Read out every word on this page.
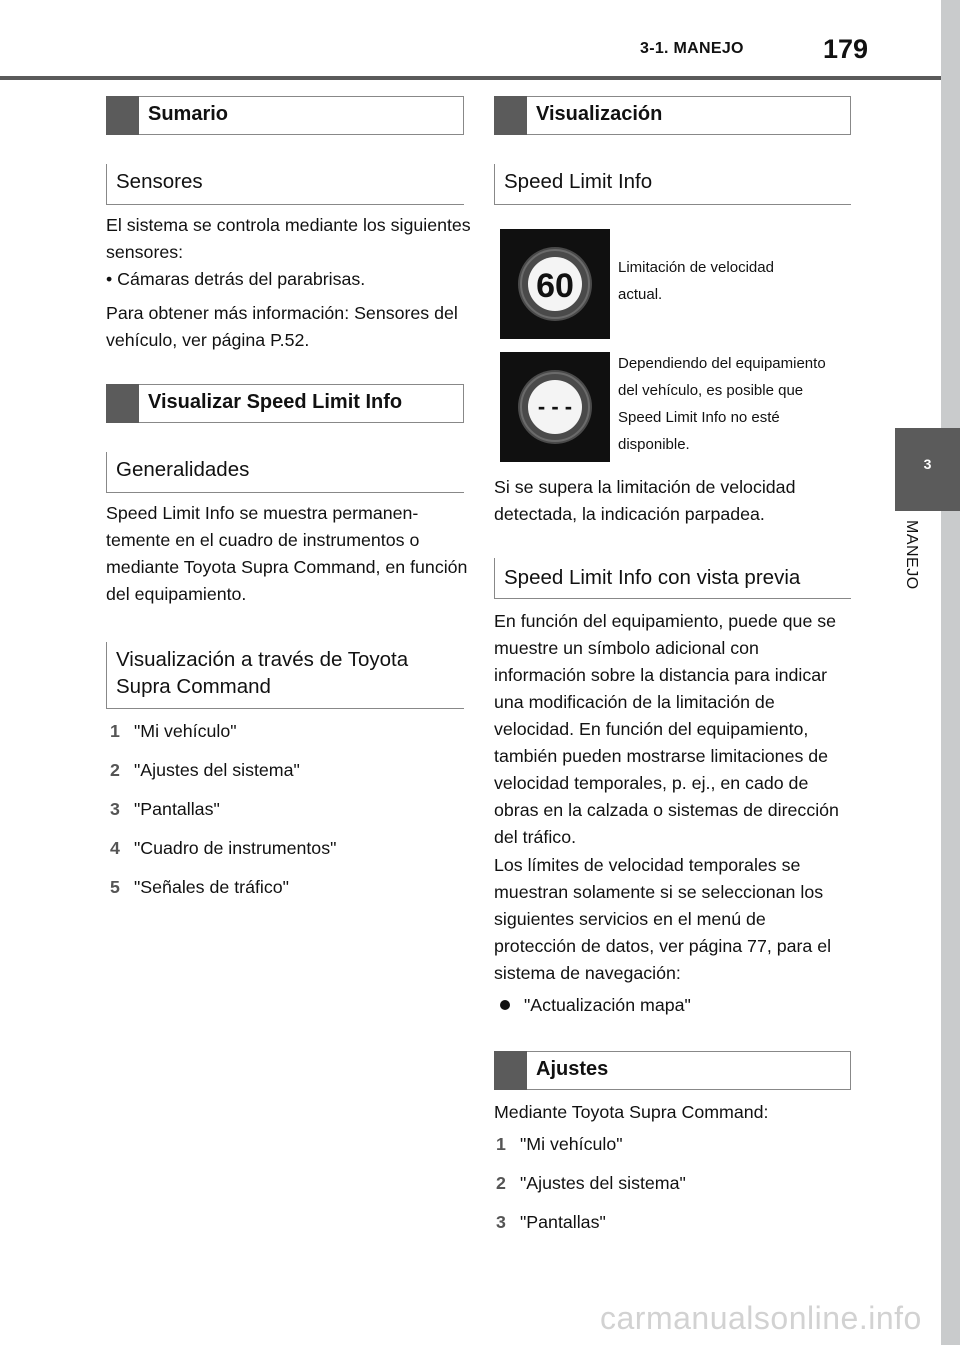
3-1. MANEJO	179
3
MANEJO
Sumario
Sensores
El sistema se controla mediante los siguientes sensores:
• Cámaras detrás del parabrisas.
Para obtener más información: Sensores del vehículo, ver página P.52.
Visualizar Speed Limit Info
Generalidades
Speed Limit Info se muestra permanentemente en el cuadro de instrumentos o mediante Toyota Supra Command, en función del equipamiento.
Visualización a través de Toyota Supra Command
1 "Mi vehículo"
2 "Ajustes del sistema"
3 "Pantallas"
4 "Cuadro de instrumentos"
5 "Señales de tráfico"
Visualización
Speed Limit Info
60	Limitación de velocidad actual.
- - -
Dependiendo del equipamiento del vehículo, es posible que Speed Limit Info no esté disponible.
Si se supera la limitación de velocidad detectada, la indicación parpadea.
Speed Limit Info con vista previa
En función del equipamiento, puede que se muestre un símbolo adicional con información sobre la distancia para indicar una modificación de la limitación de velocidad. En función del equipamiento, también pueden mostrarse limitaciones de velocidad temporales, p. ej., en cado de obras en la calzada o sistemas de dirección del tráfico.
Los límites de velocidad temporales se muestran solamente si se seleccionan los siguientes servicios en el menú de protección de datos, ver página 77, para el sistema de navegación:
"Actualización mapa"
Ajustes
Mediante Toyota Supra Command:
1 "Mi vehículo"
2 "Ajustes del sistema"
3 "Pantallas"
carmanualsonline.info
